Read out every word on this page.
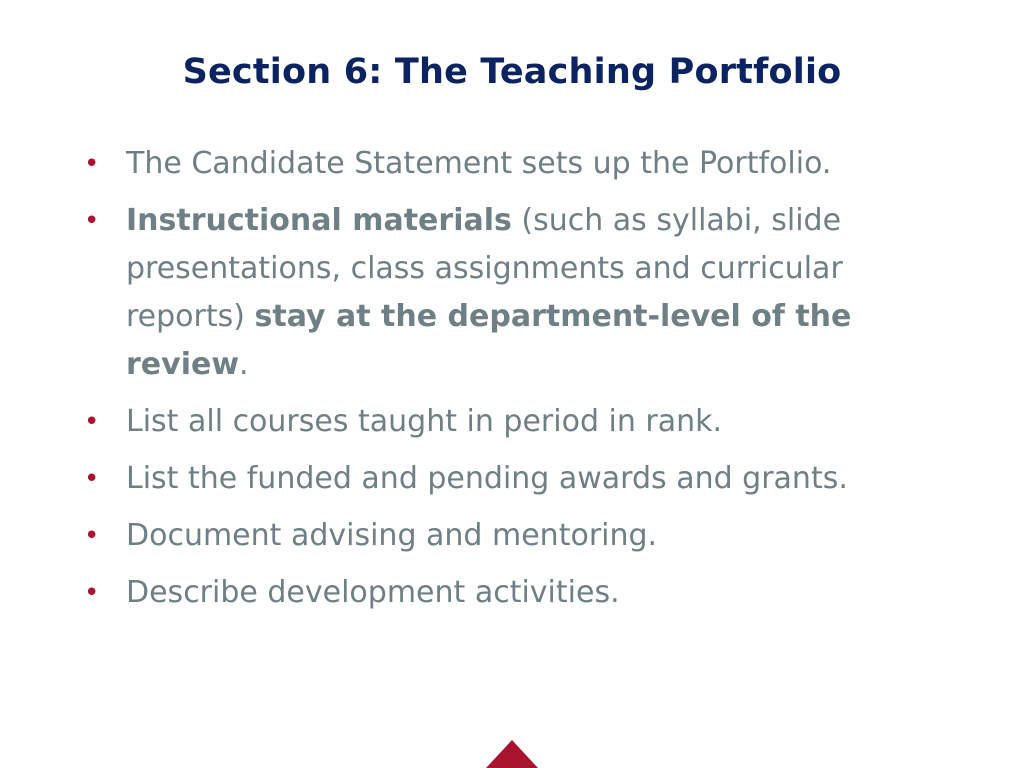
Section 6: The Teaching Portfolio
• The Candidate Statement sets up the Portfolio.
• Instructional materials (such as syllabi, slide presentations, class assignments and curricular reports) stay at the department-level of the review.
• List all courses taught in period in rank.
• List the funded and pending awards and grants.
• Document advising and mentoring.
• Describe development activities.
